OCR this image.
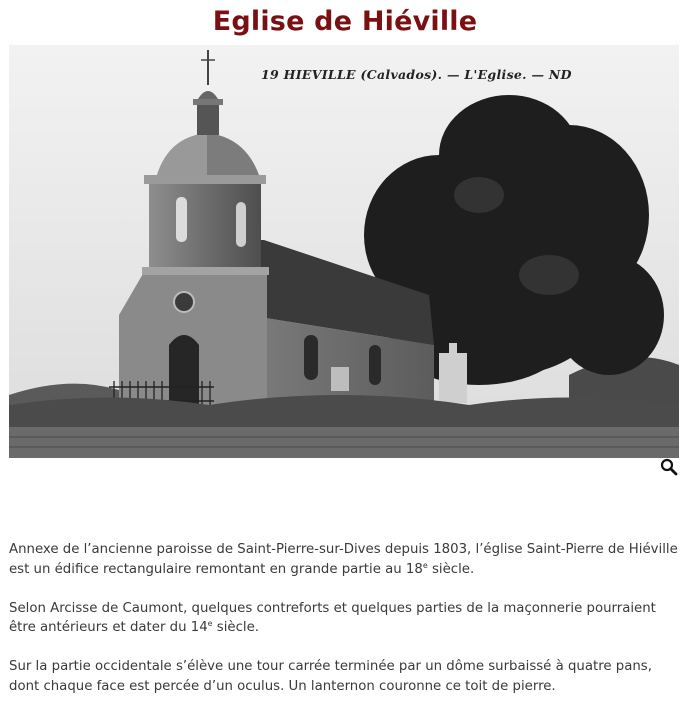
Eglise de Hiéville
19 HIEVILLE (Calvados). — L'Eglise. — ND

Annexe de l’ancienne paroisse de Saint-Pierre-sur-Dives depuis 1803, l’église Saint-Pierre de Hiéville est un édifice rectangulaire remontant en grande partie au 18e siècle.

Selon Arcisse de Caumont, quelques contreforts et quelques parties de la maçonnerie pourraient être antérieurs et dater du 14e siècle.

Sur la partie occidentale s’élève une tour carrée terminée par un dôme surbaissé à quatre pans, dont chaque face est percée d’un oculus. Un lanternon couronne ce toit de pierre.
